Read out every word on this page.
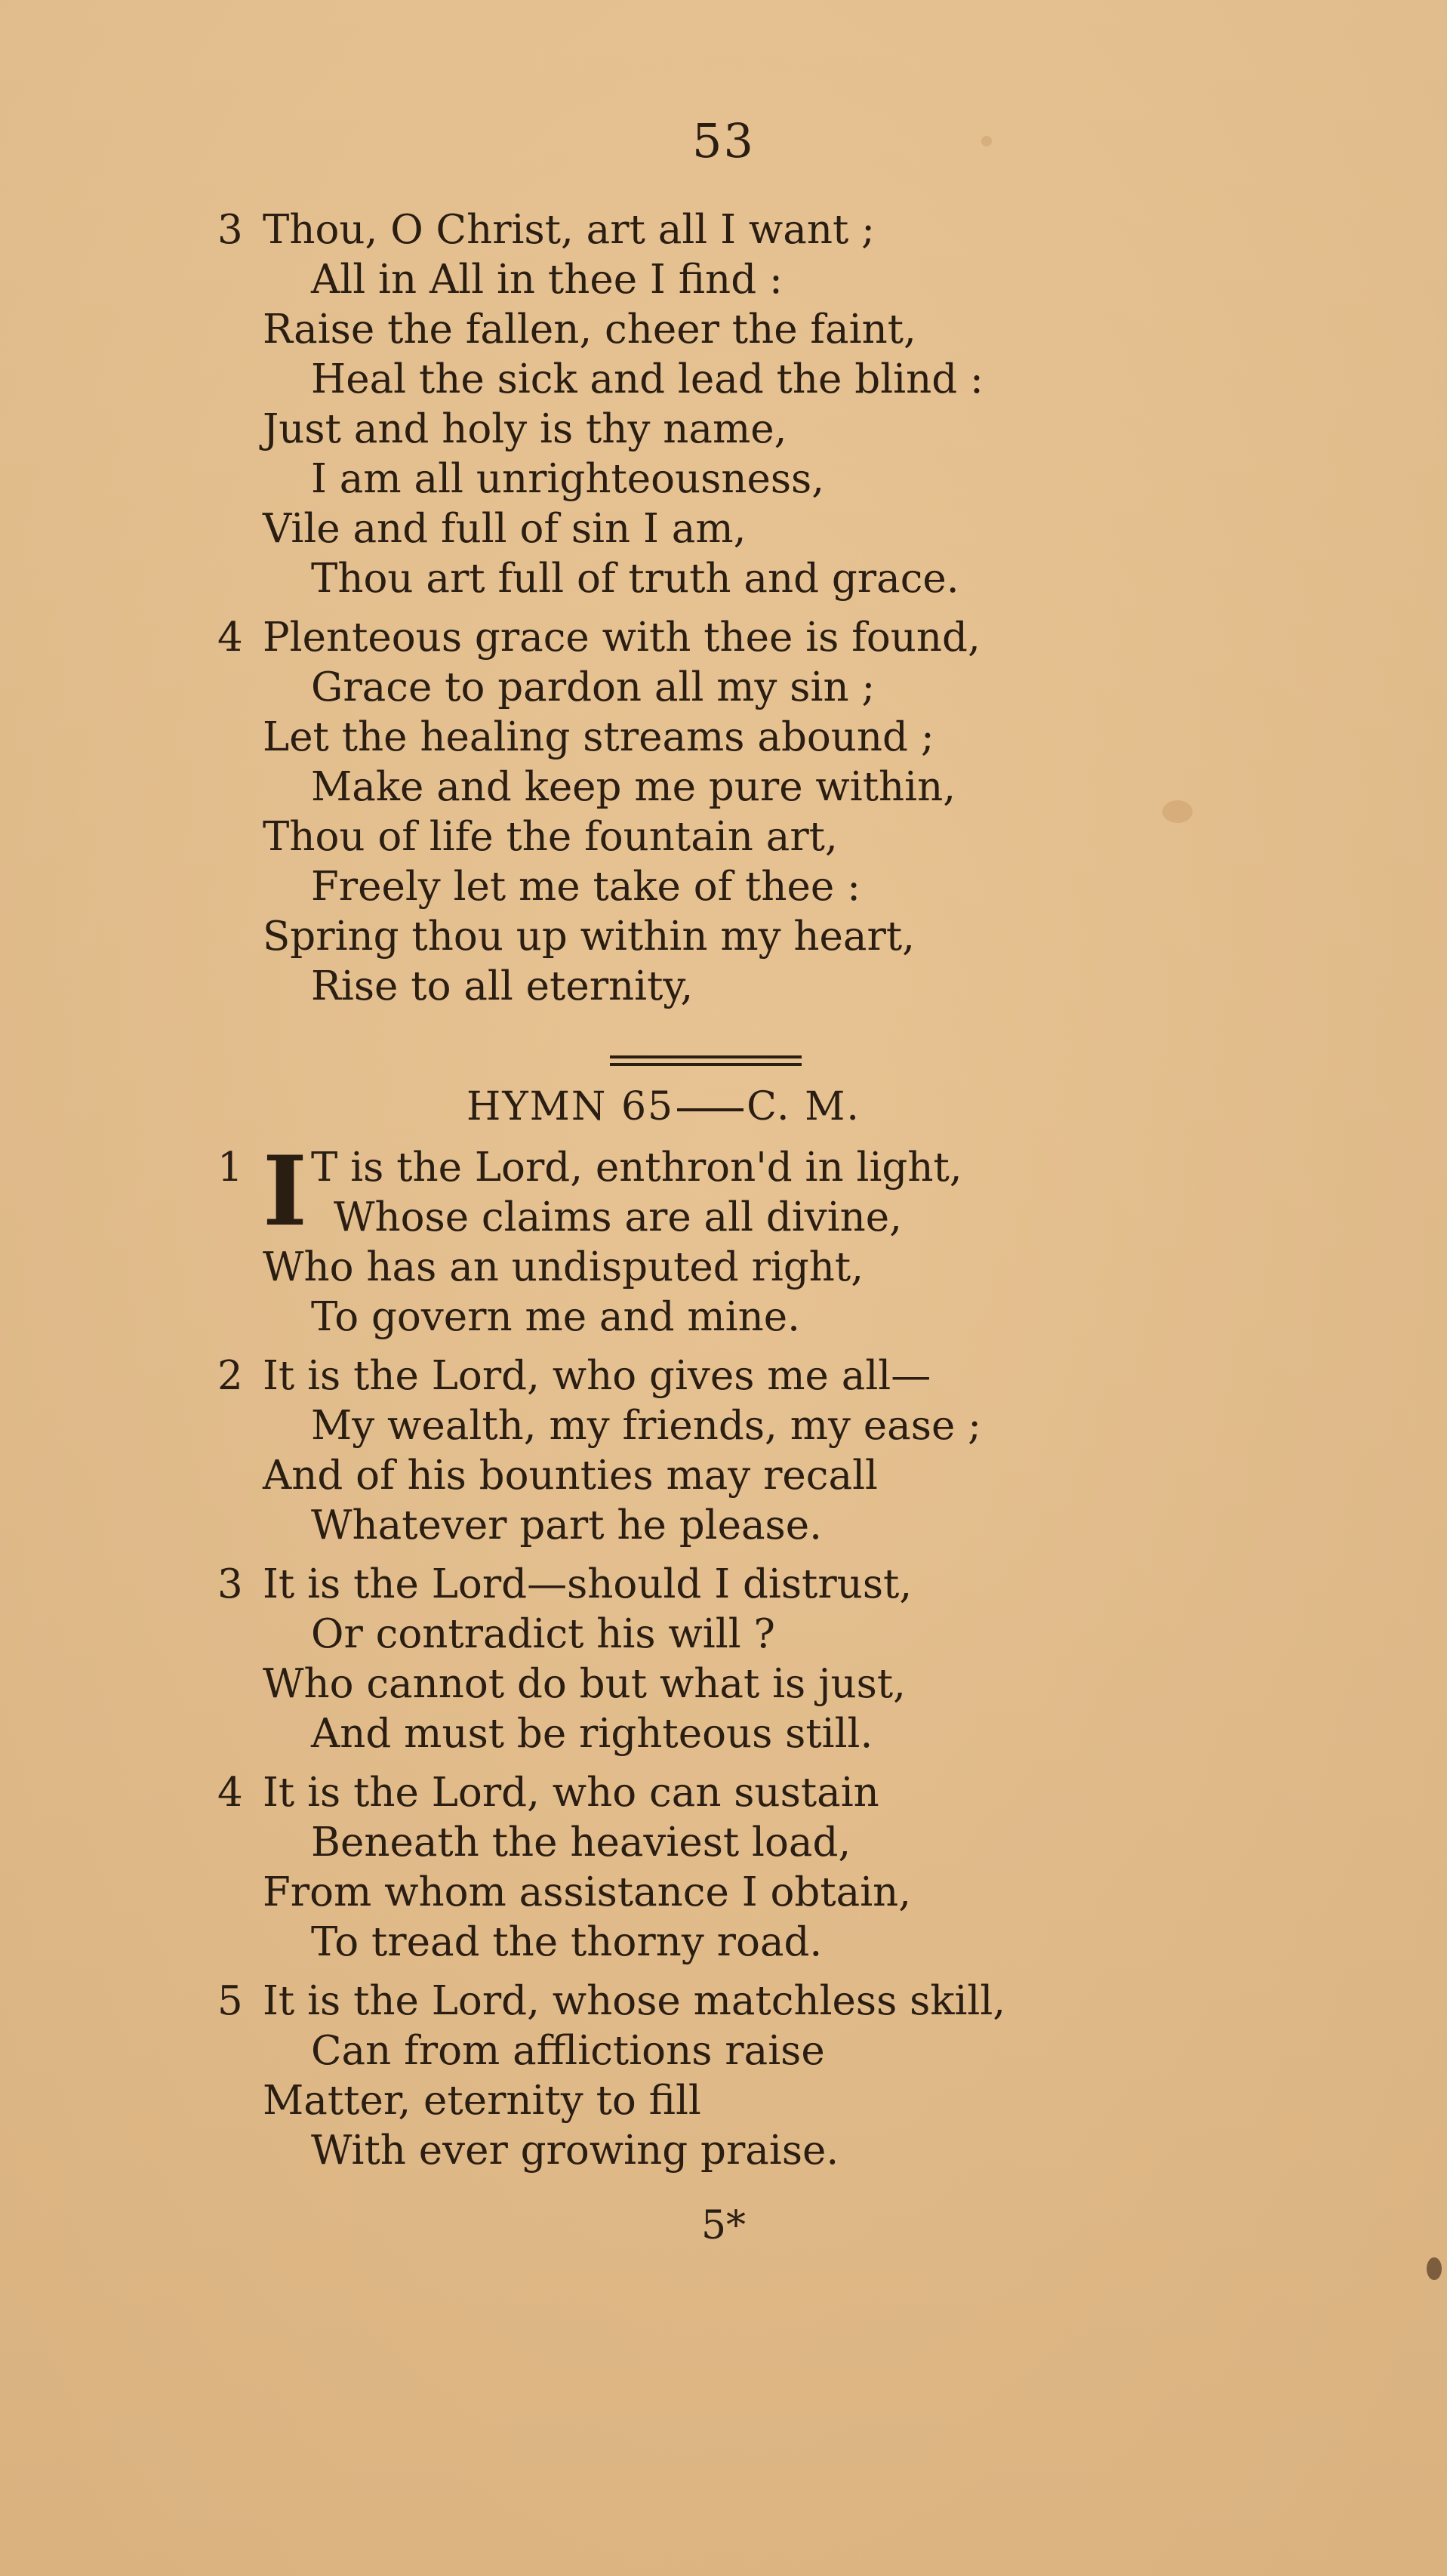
53
3 Thou, O Christ, art all I want ;
All in All in thee I find :
Raise the fallen, cheer the faint,
Heal the sick and lead the blind :
Just and holy is thy name,
I am all unrighteousness,
Vile and full of sin I am,
Thou art full of truth and grace.
4 Plenteous grace with thee is found,
Grace to pardon all my sin ;
Let the healing streams abound ;
Make and keep me pure within,
Thou of life the fountain art,
Freely let me take of thee :
Spring thou up within my heart,
Rise to all eternity,
HYMN 65 C. M.
1 I T is the Lord, enthron'd in light,
Whose claims are all divine,
Who has an undisputed right,
To govern me and mine.
2 It is the Lord, who gives me all—
My wealth, my friends, my ease ;
And of his bounties may recall
Whatever part he please.
3 It is the Lord—should I distrust,
Or contradict his will ?
Who cannot do but what is just,
And must be righteous still.
4 It is the Lord, who can sustain
Beneath the heaviest load,
From whom assistance I obtain,
To tread the thorny road.
5 It is the Lord, whose matchless skill,
Can from afflictions raise
Matter, eternity to fill
With ever growing praise.
5*
